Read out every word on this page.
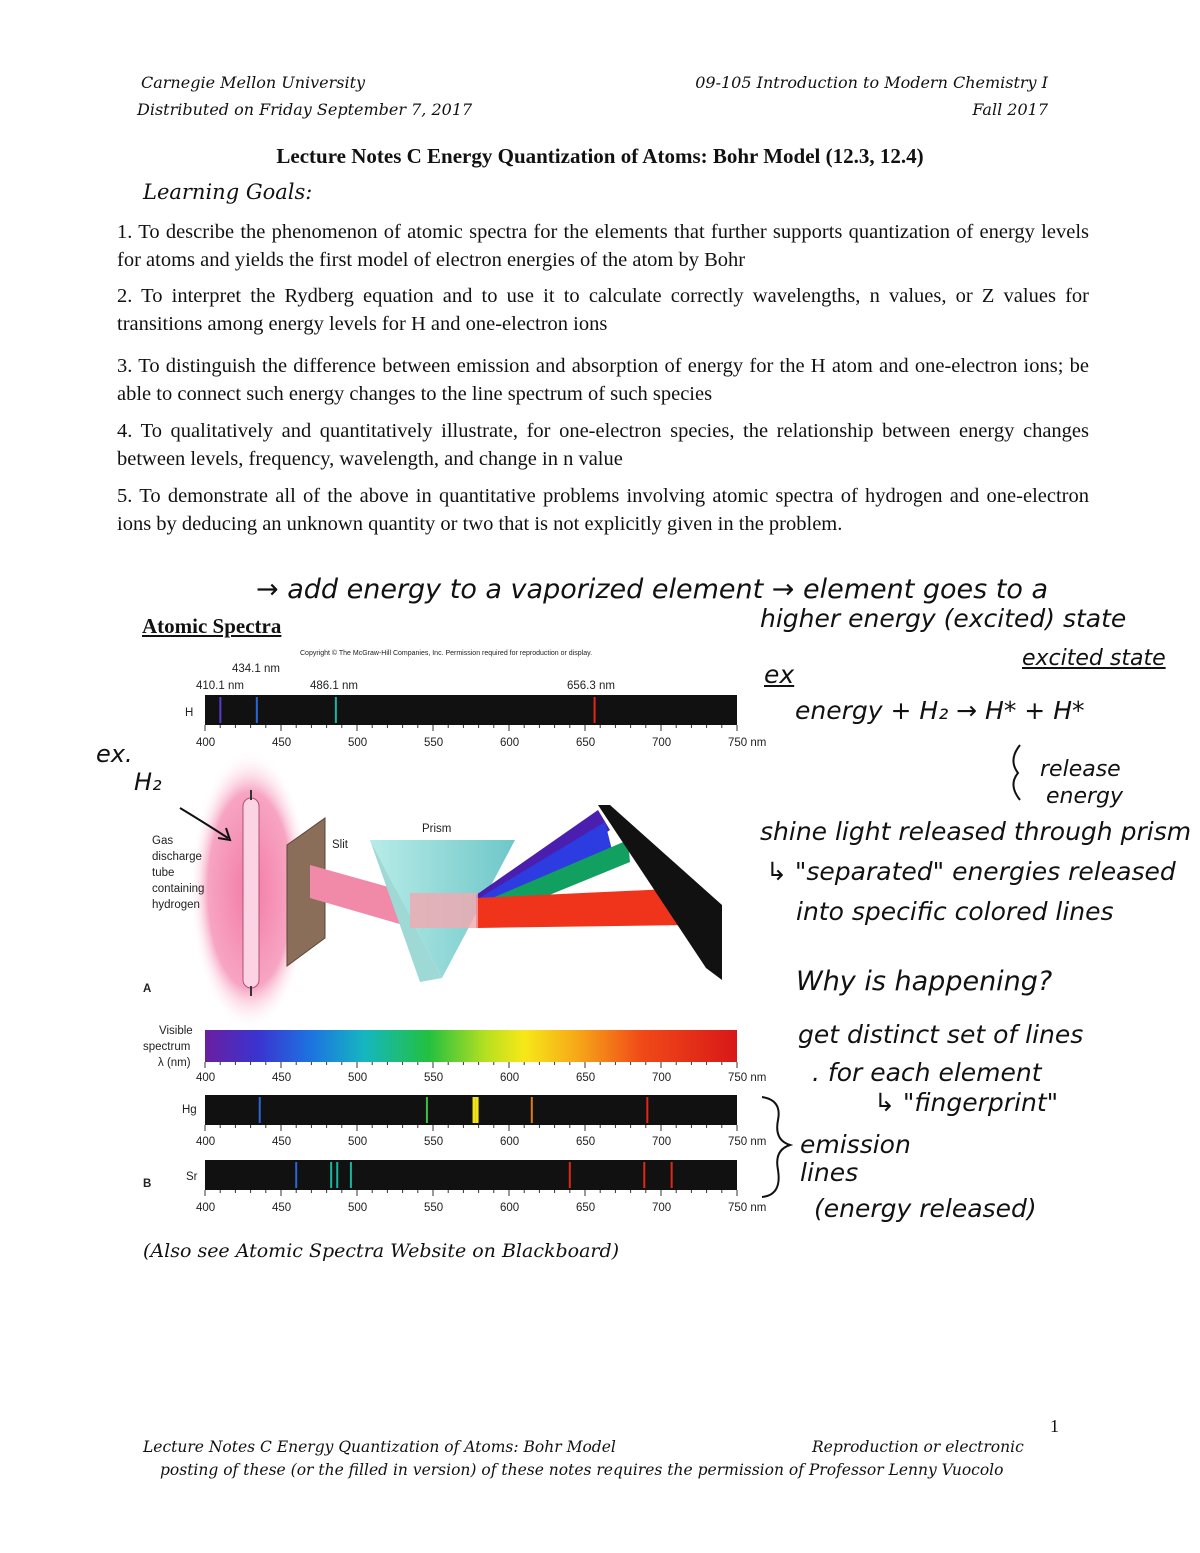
Carnegie Mellon University	09-105 Introduction to Modern Chemistry I
Distributed on Friday September 7, 2017	Fall 2017
Lecture Notes C Energy Quantization of Atoms: Bohr Model (12.3, 12.4)
Learning Goals:
1. To describe the phenomenon of atomic spectra for the elements that further supports quantization of energy levels for atoms and yields the first model of electron energies of the atom by Bohr
2. To interpret the Rydberg equation and to use it to calculate correctly wavelengths, n values, or Z values for transitions among energy levels for H and one-electron ions
3. To distinguish the difference between emission and absorption of energy for the H atom and one-electron ions; be able to connect such energy changes to the line spectrum of such species
4. To qualitatively and quantitatively illustrate, for one-electron species, the relationship between energy changes between levels, frequency, wavelength, and change in n value
5. To demonstrate all of the above in quantitative problems involving atomic spectra of hydrogen and one-electron ions by deducing an unknown quantity or two that is not explicitly given in the problem.
Atomic Spectra
Copyright © The McGraw-Hill Companies, Inc. Permission required for reproduction or display.
434.1 nm
410.1 nm	486.1 nm	656.3 nm
H
400	450	500	550	600	650	700	750 nm
Gas
discharge
tube
containing
hydrogen
A
Slit
Prism
Visible
spectrum
λ (nm)
400	450	500	550	600	650	700	750 nm
Hg
400	450	500	550	600	650	700	750 nm
Sr
B
400	450	500	550	600	650	700	750 nm
→ add energy to a vaporized element → element goes to a
higher energy (excited) state
ex
excited state
energy + H₂ → H* + H*
release
energy
ex.
H₂
shine light released through prism
↳ "separated" energies released
into specific colored lines
Why is happening?
get distinct set of lines
. for each element
↳ "fingerprint"
emission
lines
(energy released)
(Also see Atomic Spectra Website on Blackboard)
1
Lecture Notes C Energy Quantization of Atoms: Bohr Model	Reproduction or electronic
posting of these (or the filled in version) of these notes requires the permission of Professor Lenny Vuocolo
